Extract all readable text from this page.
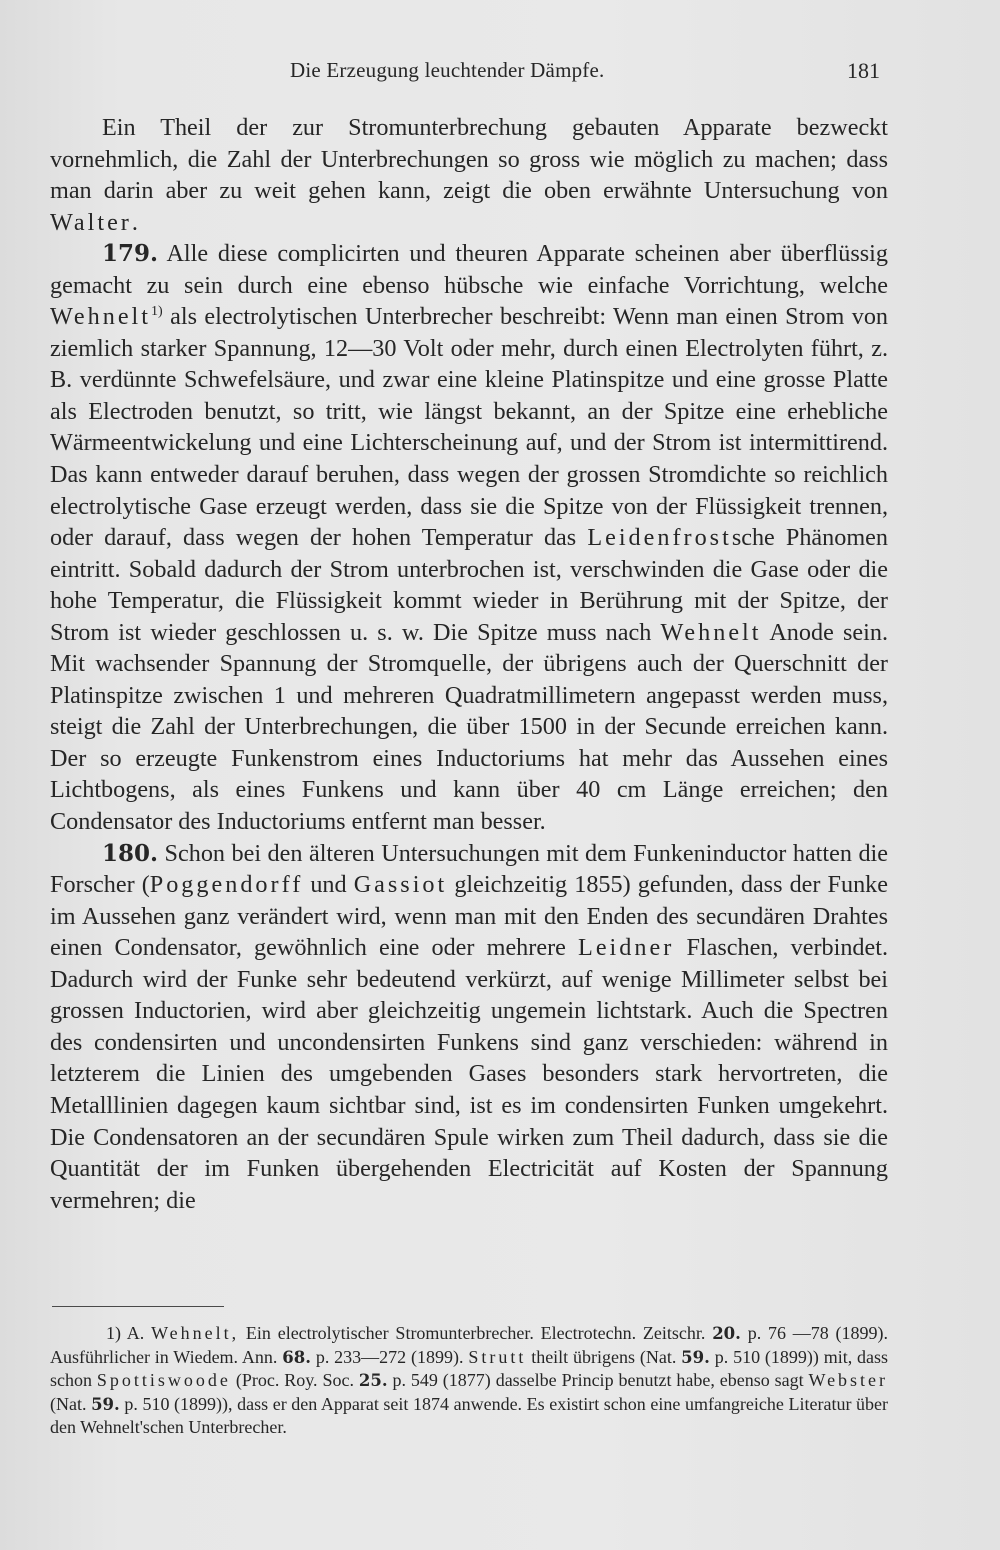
Die Erzeugung leuchtender Dämpfe.	181

Ein Theil der zur Stromunterbrechung gebauten Apparate bezweckt vornehmlich, die Zahl der Unterbrechungen so gross wie möglich zu machen; dass man darin aber zu weit gehen kann, zeigt die oben erwähnte Untersuchung von Walter.

179. Alle diese complicirten und theuren Apparate scheinen aber überflüssig gemacht zu sein durch eine ebenso hübsche wie einfache Vorrichtung, welche Wehnelt$^{1)}$ als electrolytischen Unterbrecher beschreibt: Wenn man einen Strom von ziemlich starker Spannung, 12—30 Volt oder mehr, durch einen Electrolyten führt, z. B. verdünnte Schwefelsäure, und zwar eine kleine Platinspitze und eine grosse Platte als Electroden benutzt, so tritt, wie längst bekannt, an der Spitze eine erhebliche Wärmeentwickelung und eine Lichterscheinung auf, und der Strom ist intermittirend. Das kann entweder darauf beruhen, dass wegen der grossen Stromdichte so reichlich electrolytische Gase erzeugt werden, dass sie die Spitze von der Flüssigkeit trennen, oder darauf, dass wegen der hohen Temperatur das Leidenfrostsche Phänomen eintritt. Sobald dadurch der Strom unterbrochen ist, verschwinden die Gase oder die hohe Temperatur, die Flüssigkeit kommt wieder in Berührung mit der Spitze, der Strom ist wieder geschlossen u. s. w. Die Spitze muss nach Wehnelt Anode sein. Mit wachsender Spannung der Stromquelle, der übrigens auch der Querschnitt der Platinspitze zwischen 1 und mehreren Quadratmillimetern angepasst werden muss, steigt die Zahl der Unterbrechungen, die über 1500 in der Secunde erreichen kann. Der so erzeugte Funkenstrom eines Inductoriums hat mehr das Aussehen eines Lichtbogens, als eines Funkens und kann über 40 cm Länge erreichen; den Condensator des Inductoriums entfernt man besser.

180. Schon bei den älteren Untersuchungen mit dem Funkeninductor hatten die Forscher (Poggendorff und Gassiot gleichzeitig 1855) gefunden, dass der Funke im Aussehen ganz verändert wird, wenn man mit den Enden des secundären Drahtes einen Condensator, gewöhnlich eine oder mehrere Leidner Flaschen, verbindet. Dadurch wird der Funke sehr bedeutend verkürzt, auf wenige Millimeter selbst bei grossen Inductorien, wird aber gleichzeitig ungemein lichtstark. Auch die Spectren des condensirten und uncondensirten Funkens sind ganz verschieden: während in letzterem die Linien des umgebenden Gases besonders stark hervortreten, die Metalllinien dagegen kaum sichtbar sind, ist es im condensirten Funken umgekehrt. Die Condensatoren an der secundären Spule wirken zum Theil dadurch, dass sie die Quantität der im Funken übergehenden Electricität auf Kosten der Spannung vermehren; die

1) A. Wehnelt, Ein electrolytischer Stromunterbrecher. Electrotechn. Zeitschr. 20. p. 76 —78 (1899). Ausführlicher in Wiedem. Ann. 68. p. 233—272 (1899). Strutt theilt übrigens (Nat. 59. p. 510 (1899)) mit, dass schon Spottiswoode (Proc. Roy. Soc. 25. p. 549 (1877) dasselbe Princip benutzt habe, ebenso sagt Webster (Nat. 59. p. 510 (1899)), dass er den Apparat seit 1874 anwende. Es existirt schon eine umfangreiche Literatur über den Wehnelt'schen Unterbrecher.
